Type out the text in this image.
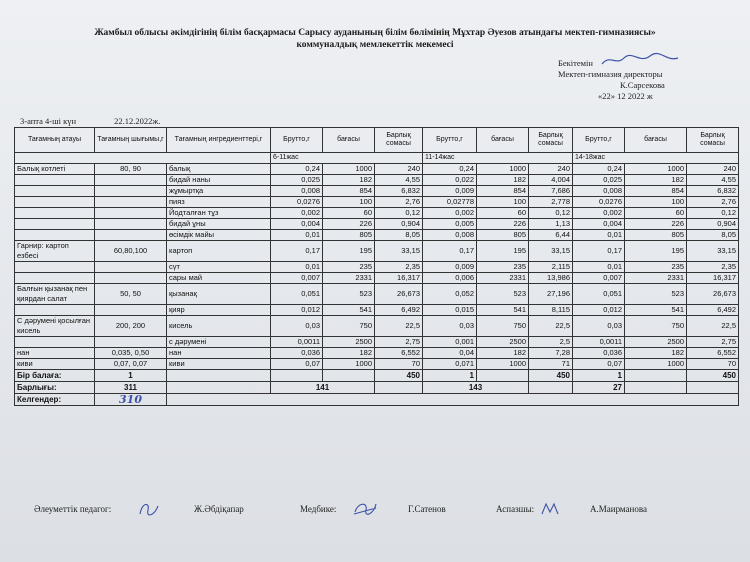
Жамбыл облысы әкімдігінің білім басқармасы Сарысу ауданының білім бөлімінің Мұхтар Әуезов атындағы мектеп-гимназиясы»
коммуналдық мемлекеттік мекемесі
Бекітемін
Мектеп-гимназия директоры
К.Сарсекова
«22» 12 2022 ж
3-апта 4-ші күн	22.12.2022ж.
Тағамның атауы	Тағамның шығымы,г	Тағамның ингредиенттері,г	Брутто,г	бағасы	Барлық сомасы	Брутто,г	бағасы	Барлық сомасы	Брутто,г	бағасы	Барлық сомасы
			6-11жас			11-14жас			14-18жас		
Балық котлеті	80, 90	балық	0,24	1000	240	0,24	1000	240	0,24	1000	240
		бидай наны	0,025	182	4,55	0,022	182	4,004	0,025	182	4,55
		жұмыртқа	0,008	854	6,832	0,009	854	7,686	0,008	854	6,832
		пияз	0,0276	100	2,76	0,02778	100	2,778	0,0276	100	2,76
		Йодталған тұз	0,002	60	0,12	0,002	60	0,12	0,002	60	0,12
		бидай ұны	0,004	226	0,904	0,005	226	1,13	0,004	226	0,904
		өсімдік майы	0,01	805	8,05	0,008	805	6,44	0,01	805	8,05
Гарнир: картоп езбесі	60,80,100	картоп	0,17	195	33,15	0,17	195	33,15	0,17	195	33,15
		сүт	0,01	235	2,35	0,009	235	2,115	0,01	235	2,35
		сары май	0,007	2331	16,317	0,006	2331	13,986	0,007	2331	16,317
Балғын қызанақ пен қиярдан салат	50, 50	қызанақ	0,051	523	26,673	0,052	523	27,196	0,051	523	26,673
		қияр	0,012	541	6,492	0,015	541	8,115	0,012	541	6,492
С дәрумені қосылған кисель	200, 200	кисель	0,03	750	22,5	0,03	750	22,5	0,03	750	22,5
		с дәрумені	0,0011	2500	2,75	0,001	2500	2,5	0,0011	2500	2,75
нан	0,035, 0,50	нан	0,036	182	6,552	0,04	182	7,28	0,036	182	6,552
киви	0,07, 0,07	киви	0,07	1000	70	0,071	1000	71	0,07	1000	70
Бір балаға:	1				450	1		450	1		450
Барлығы:	311		141			143			27		
Келгендер:	310										
Әлеуметтік педагог:	Ж.Әбдіқапар	Медбике:	Г.Сатенов	Аспазшы:	А.Маирманова
